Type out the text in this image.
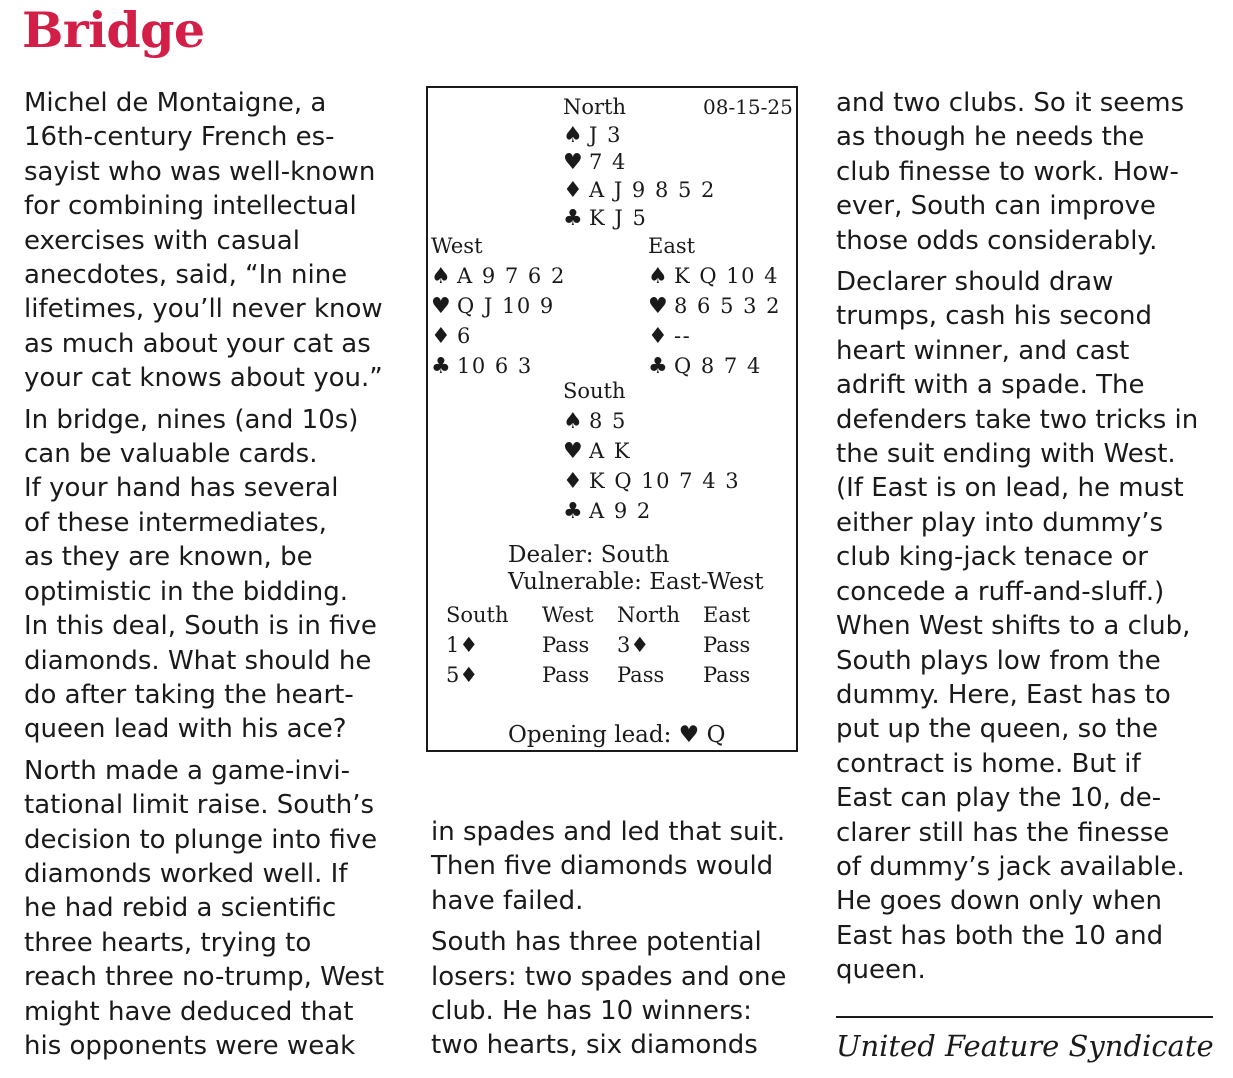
Bridge

Michel de Montaigne, a
16th-century French es-
sayist who was well-known
for combining intellectual
exercises with casual
anecdotes, said, “In nine
lifetimes, you’ll never know
as much about your cat as
your cat knows about you.”

In bridge, nines (and 10s)
can be valuable cards.
If your hand has several
of these intermediates,
as they are known, be
optimistic in the bidding.
In this deal, South is in five
diamonds. What should he
do after taking the heart-
queen lead with his ace?

North made a game-invi-
tational limit raise. South’s
decision to plunge into five
diamonds worked well. If
he had rebid a scientific
three hearts, trying to
reach three no-trump, West
might have deduced that
his opponents were weak

North	08-15-25
♠ J 3
♥ 7 4
♦ A J 9 8 5 2
♣ K J 5
West
♠ A 9 7 6 2
♥ Q J 10 9
♦ 6
♣ 10 6 3
East
♠ K Q 10 4
♥ 8 6 5 3 2
♦ --
♣ Q 8 7 4
South
♠ 8 5
♥ A K
♦ K Q 10 7 4 3
♣ A 9 2
Dealer: South
Vulnerable: East-West
South West North East
1♦	Pass 3♦	Pass
5♦	Pass Pass Pass
Opening lead: ♥ Q

in spades and led that suit.
Then five diamonds would
have failed.

South has three potential
losers: two spades and one
club. He has 10 winners:
two hearts, six diamonds

and two clubs. So it seems
as though he needs the
club finesse to work. How-
ever, South can improve
those odds considerably.

Declarer should draw
trumps, cash his second
heart winner, and cast
adrift with a spade. The
defenders take two tricks in
the suit ending with West.
(If East is on lead, he must
either play into dummy’s
club king-jack tenace or
concede a ruff-and-sluff.)
When West shifts to a club,
South plays low from the
dummy. Here, East has to
put up the queen, so the
contract is home. But if
East can play the 10, de-
clarer still has the finesse
of dummy’s jack available.
He goes down only when
East has both the 10 and
queen.

United Feature Syndicate
